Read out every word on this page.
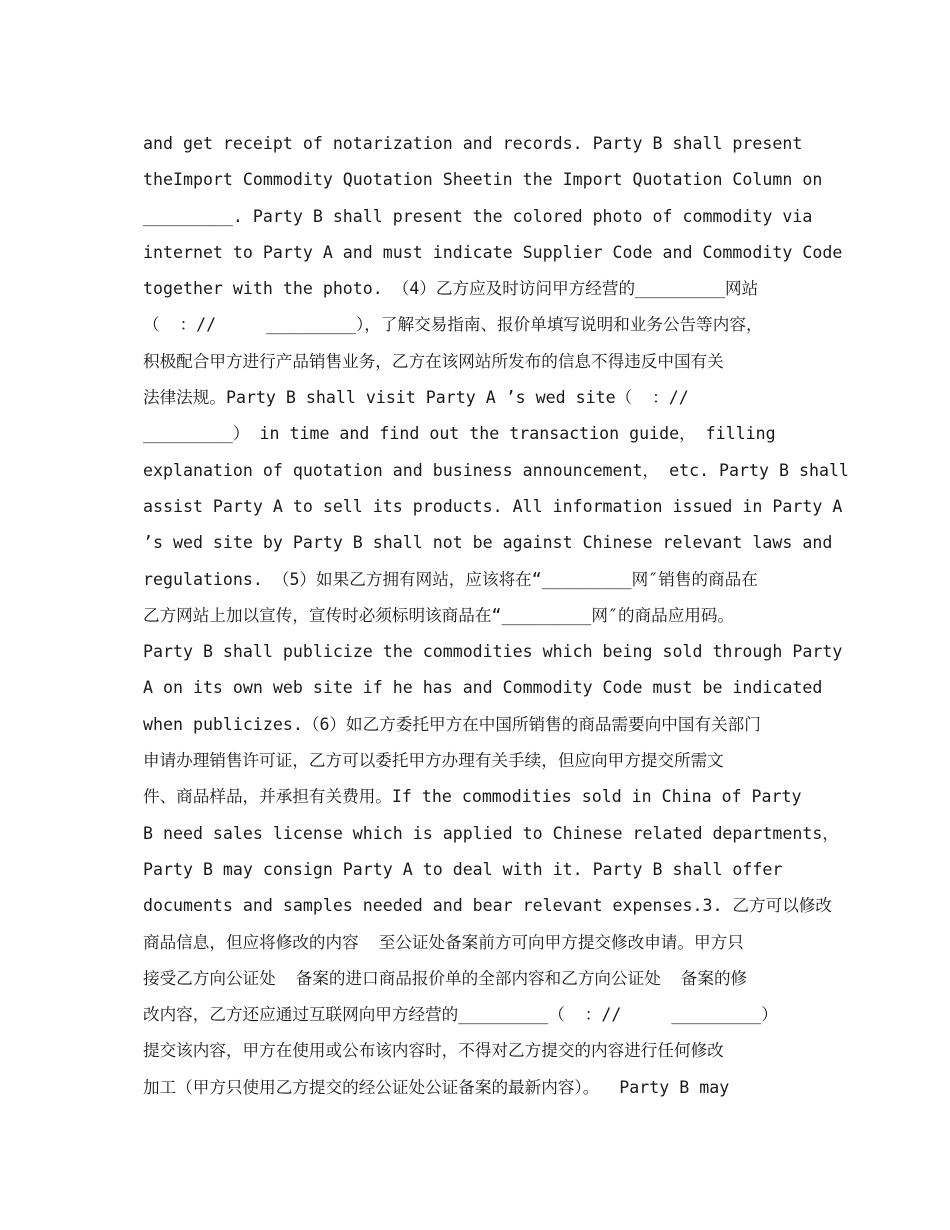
and get receipt of notarization and records. Party B shall present
theImport Commodity Quotation Sheetin the Import Quotation Column on
_________. Party B shall present the colored photo of commodity via
internet to Party A and must indicate Supplier Code and Commodity Code
together with the photo. （4）乙方应及时访问甲方经营的_________网站
（  ：//     _________），了解交易指南、报价单填写说明和业务公告等内容，
积极配合甲方进行产品销售业务，乙方在该网站所发布的信息不得违反中国有关
法律法规。Party B shall visit Party A ’s wed site（  ：//
_________） in time and find out the transaction guide， filling
explanation of quotation and business announcement， etc. Party B shall
assist Party A to sell its products. All information issued in Party A
’s wed site by Party B shall not be against Chinese relevant laws and
regulations. （5）如果乙方拥有网站，应该将在“_________网″销售的商品在
乙方网站上加以宣传，宣传时必须标明该商品在“_________网″的商品应用码。
Party B shall publicize the commodities which being sold through Party
A on its own web site if he has and Commodity Code must be indicated
when publicizes.（6）如乙方委托甲方在中国所销售的商品需要向中国有关部门
申请办理销售许可证，乙方可以委托甲方办理有关手续，但应向甲方提交所需文
件、商品样品，并承担有关费用。If the commodities sold in China of Party
B need sales license which is applied to Chinese related departments，
Party B may consign Party A to deal with it. Party B shall offer
documents and samples needed and bear relevant expenses.3. 乙方可以修改
商品信息，但应将修改的内容  至公证处备案前方可向甲方提交修改申请。甲方只
接受乙方向公证处  备案的进口商品报价单的全部内容和乙方向公证处  备案的修
改内容，乙方还应通过互联网向甲方经营的_________（  ：//     _________）
提交该内容，甲方在使用或公布该内容时，不得对乙方提交的内容进行任何修改
加工（甲方只使用乙方提交的经公证处公证备案的最新内容）。  Party B may
